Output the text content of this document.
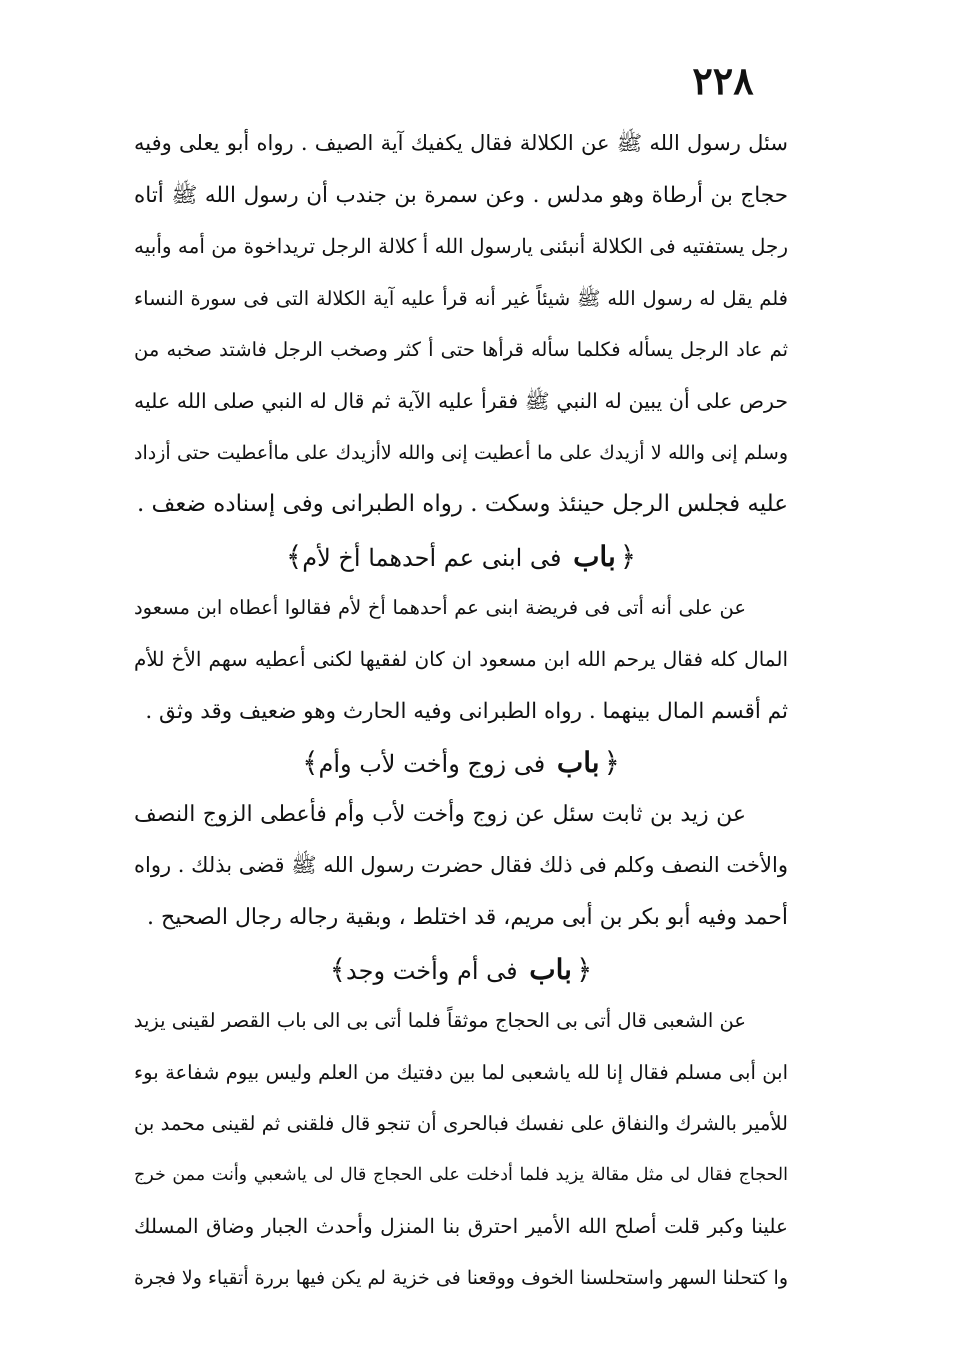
٢٢٨
سئل رسول الله ﷺ عن الكلالة فقال يكفيك آية الصيف . رواه أبو يعلى وفيه
حجاج بن أرطاة وهو مدلس . وعن سمرة بن جندب أن رسول الله ﷺ أتاه
رجل يستفتيه فى الكلالة أنبئنى يارسول الله أ كلالة الرجل تريداخوة من أمه وأبيه
فلم يقل له رسول الله ﷺ شيئاً غير أنه قرأ عليه آية الكلالة التى فى سورة النساء
ثم عاد الرجل يسأله فكلما سأله قرأها حتى أ كثر وصخب الرجل فاشتد صخبه من
حرص على أن يبين له النبي ﷺ فقرأ عليه الآية ثم قال له النبي صلى الله عليه
وسلم إنى والله لا أزيدك على ما أعطيت إنى والله لاأزيدك على ماأعطيت حتى أزداد
عليه فجلس الرجل حينئذ وسكت . رواه الطبرانى وفى إسناده ضعف .
﴿باب فى ابنى عم أحدهما أخ لأم﴾
عن على أنه أتى فى فريضة ابنى عم أحدهما أخ لأم فقالوا أعطاه ابن مسعود
المال كله فقال يرحم الله ابن مسعود ان كان لفقيها لكنى أعطيه سهم الأخ للأم
ثم أقسم المال بينهما . رواه الطبرانى وفيه الحارث وهو ضعيف وقد وثق .
﴿باب فى زوج وأخت لأب وأم﴾
عن زيد بن ثابت سئل عن زوج وأخت لأب وأم فأعطى الزوج النصف
والأخت النصف وكلم فى ذلك فقال حضرت رسول الله ﷺ قضى بذلك . رواه
أحمد وفيه أبو بكر بن أبى مريم، قد اختلط ، وبقية رجاله رجال الصحيح .
﴿باب فى أم وأخت وجد﴾
عن الشعبى قال أتى بى الحجاج موثقاً فلما أتى بى الى باب القصر لقينى يزيد
ابن أبى مسلم فقال إنا لله ياشعبى لما بين دفتيك من العلم وليس بيوم شفاعة بوء
للأمير بالشرك والنفاق على نفسك فبالحرى أن تنجو قال فلقنى ثم لقينى محمد بن
الحجاج فقال لى مثل مقالة يزيد فلما أدخلت على الحجاج قال لى ياشعبي وأنت ممن خرج
علينا وكبر قلت أصلح الله الأمير احترق بنا المنزل وأحدث الجبار وضاق المسلك
وا كتحلنا السهر واستحلسنا الخوف ووقعنا فى خزية لم يكن فيها بررة أتقياء ولا فجرة
